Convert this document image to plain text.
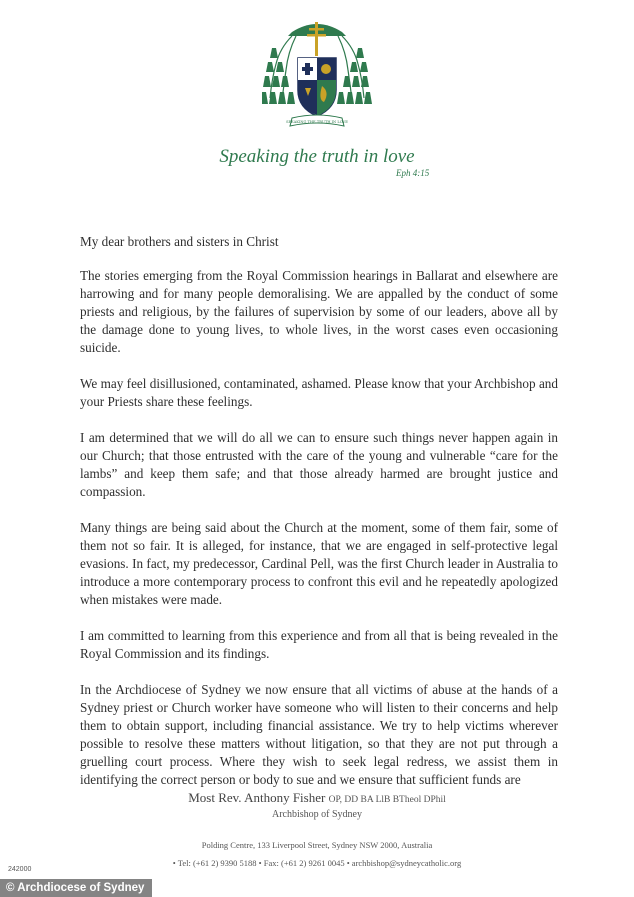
SPEAKING THE TRUTH IN LOVE
Speaking the truth in love
Eph 4:15

My dear brothers and sisters in Christ

The stories emerging from the Royal Commission hearings in Ballarat and elsewhere are harrowing and for many people demoralising. We are appalled by the conduct of some priests and religious, by the failures of supervision by some of our leaders, above all by the damage done to young lives, to whole lives, in the worst cases even occasioning suicide.

We may feel disillusioned, contaminated, ashamed. Please know that your Archbishop and your Priests share these feelings.

I am determined that we will do all we can to ensure such things never happen again in our Church; that those entrusted with the care of the young and vulnerable “care for the lambs” and keep them safe; and that those already harmed are brought justice and compassion.

Many things are being said about the Church at the moment, some of them fair, some of them not so fair. It is alleged, for instance, that we are engaged in self-protective legal evasions. In fact, my predecessor, Cardinal Pell, was the first Church leader in Australia to introduce a more contemporary process to confront this evil and he repeatedly apologized when mistakes were made.

I am committed to learning from this experience and from all that is being revealed in the Royal Commission and its findings.

In the Archdiocese of Sydney we now ensure that all victims of abuse at the hands of a Sydney priest or Church worker have someone who will listen to their concerns and help them to obtain support, including financial assistance. We try to help victims wherever possible to resolve these matters without litigation, so that they are not put through a gruelling court process. Where they wish to seek legal redress, we assist them in identifying the correct person or body to sue and we ensure that sufficient funds are

Most Rev. Anthony Fisher OP, DD BA LlB BTheol DPhil
Archbishop of Sydney
Polding Centre, 133 Liverpool Street, Sydney NSW 2000, Australia
• Tel: (+61 2) 9390 5188 • Fax: (+61 2) 9261 0045 • archbishop@sydneycatholic.org
242000
© Archdiocese of Sydney
